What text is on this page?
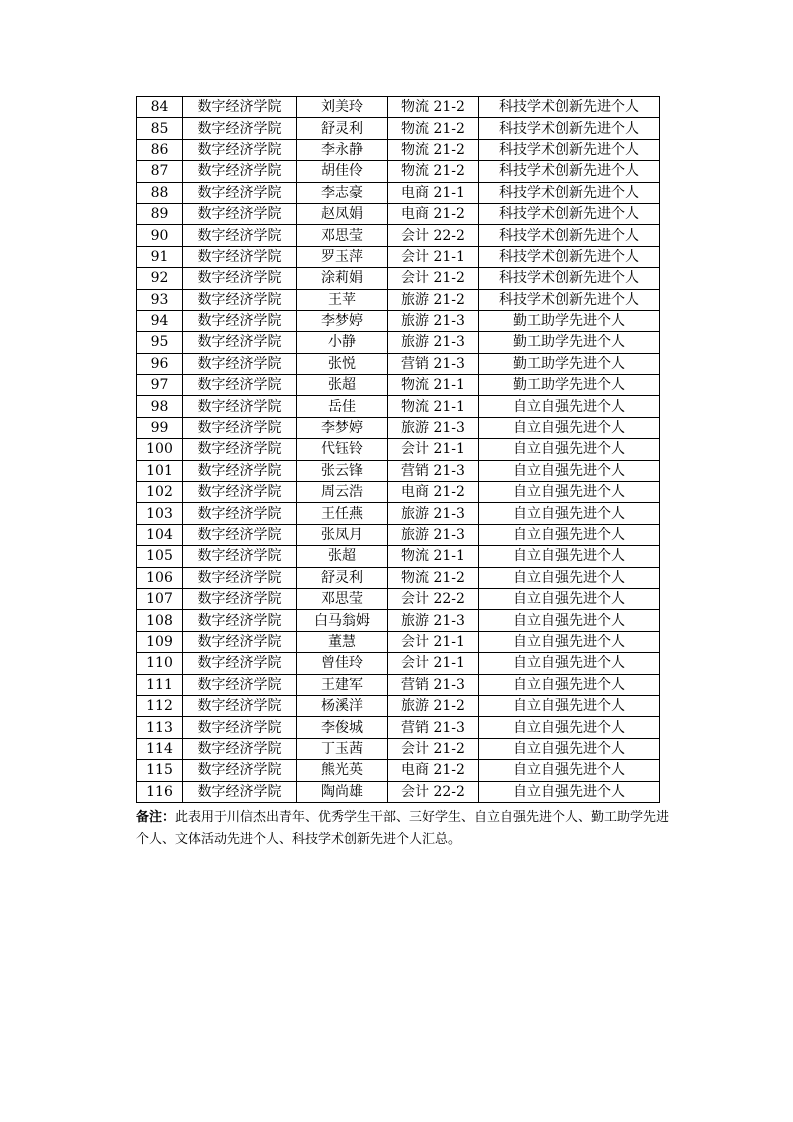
84	数字经济学院	刘美玲	物流 21-2	科技学术创新先进个人
85	数字经济学院	舒灵利	物流 21-2	科技学术创新先进个人
86	数字经济学院	李永静	物流 21-2	科技学术创新先进个人
87	数字经济学院	胡佳伶	物流 21-2	科技学术创新先进个人
88	数字经济学院	李志豪	电商 21-1	科技学术创新先进个人
89	数字经济学院	赵凤娟	电商 21-2	科技学术创新先进个人
90	数字经济学院	邓思莹	会计 22-2	科技学术创新先进个人
91	数字经济学院	罗玉萍	会计 21-1	科技学术创新先进个人
92	数字经济学院	涂莉娟	会计 21-2	科技学术创新先进个人
93	数字经济学院	王苹	旅游 21-2	科技学术创新先进个人
94	数字经济学院	李梦婷	旅游 21-3	勤工助学先进个人
95	数字经济学院	小静	旅游 21-3	勤工助学先进个人
96	数字经济学院	张悦	营销 21-3	勤工助学先进个人
97	数字经济学院	张超	物流 21-1	勤工助学先进个人
98	数字经济学院	岳佳	物流 21-1	自立自强先进个人
99	数字经济学院	李梦婷	旅游 21-3	自立自强先进个人
100	数字经济学院	代钰铃	会计 21-1	自立自强先进个人
101	数字经济学院	张云锋	营销 21-3	自立自强先进个人
102	数字经济学院	周云浩	电商 21-2	自立自强先进个人
103	数字经济学院	王任燕	旅游 21-3	自立自强先进个人
104	数字经济学院	张凤月	旅游 21-3	自立自强先进个人
105	数字经济学院	张超	物流 21-1	自立自强先进个人
106	数字经济学院	舒灵利	物流 21-2	自立自强先进个人
107	数字经济学院	邓思莹	会计 22-2	自立自强先进个人
108	数字经济学院	白马翁姆	旅游 21-3	自立自强先进个人
109	数字经济学院	董慧	会计 21-1	自立自强先进个人
110	数字经济学院	曾佳玲	会计 21-1	自立自强先进个人
111	数字经济学院	王建军	营销 21-3	自立自强先进个人
112	数字经济学院	杨溪洋	旅游 21-2	自立自强先进个人
113	数字经济学院	李俊城	营销 21-3	自立自强先进个人
114	数字经济学院	丁玉茜	会计 21-2	自立自强先进个人
115	数字经济学院	熊光英	电商 21-2	自立自强先进个人
116	数字经济学院	陶尚雄	会计 22-2	自立自强先进个人
备注：此表用于川信杰出青年、优秀学生干部、三好学生、自立自强先进个人、勤工助学先进个人、文体活动先进个人、科技学术创新先进个人汇总。
